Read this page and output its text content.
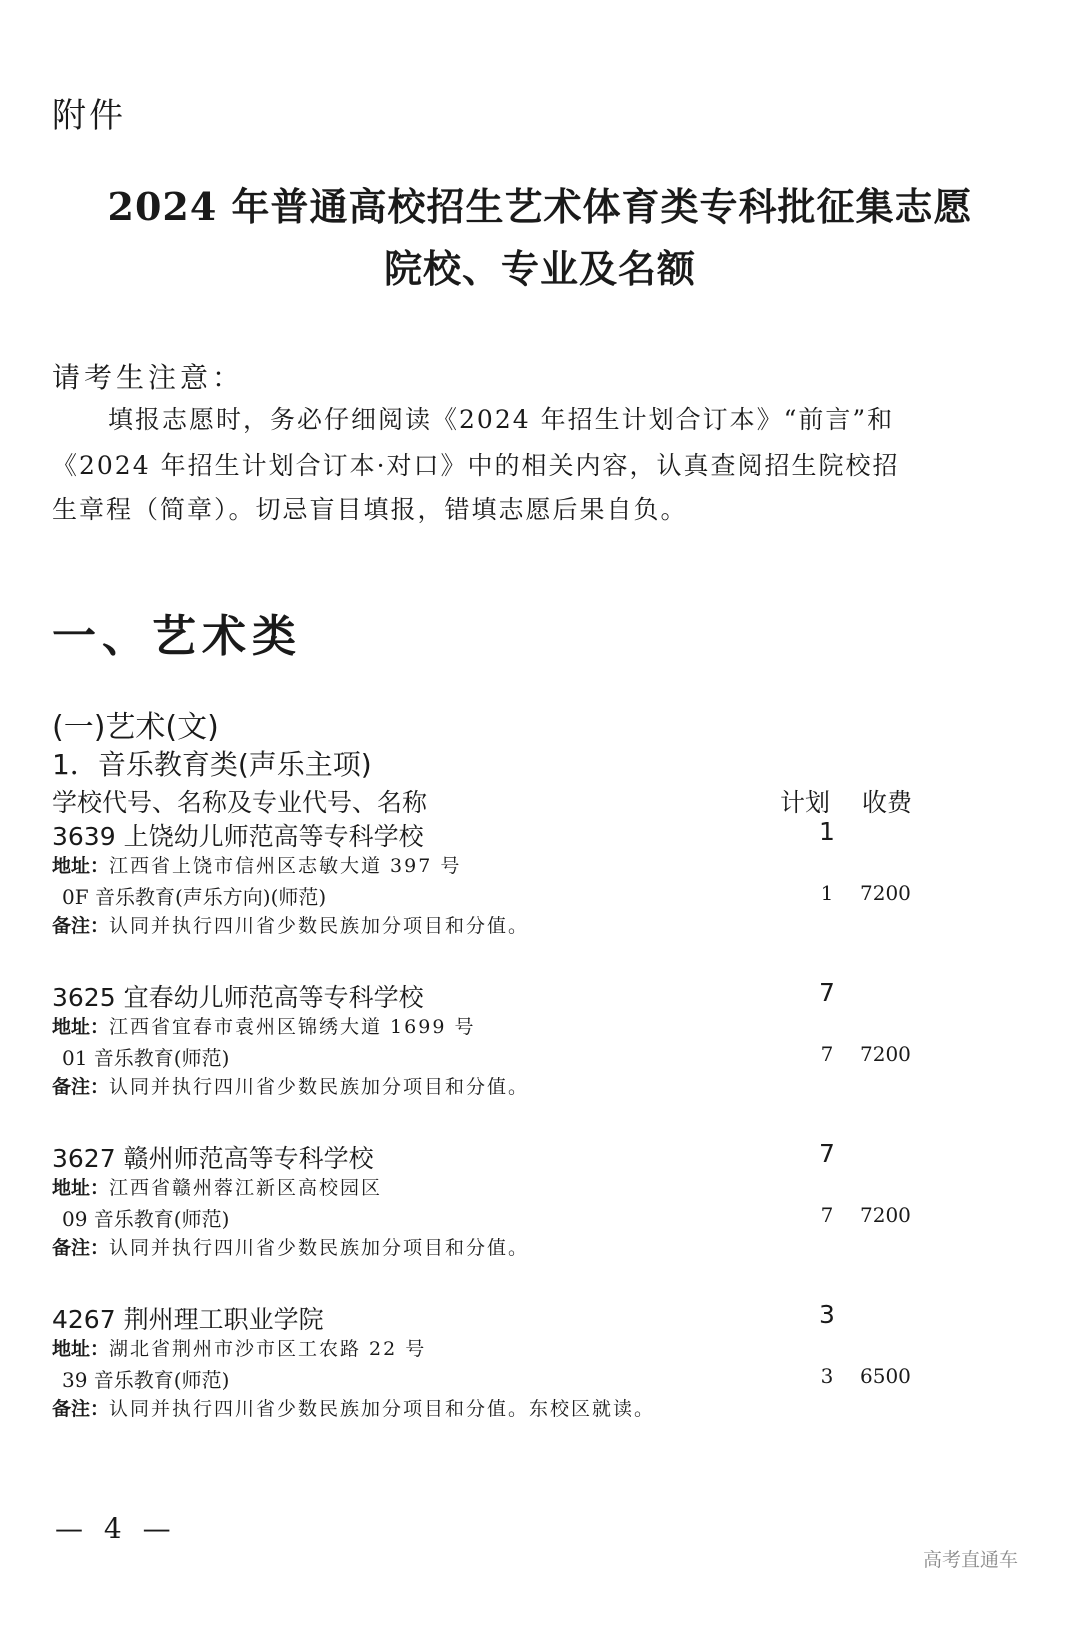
附件
2024 年普通高校招生艺术体育类专科批征集志愿
院校、专业及名额
请考生注意：
填报志愿时，务必仔细阅读《2024 年招生计划合订本》“前言”和
《2024 年招生计划合订本·对口》中的相关内容，认真查阅招生院校招
生章程（简章）。切忌盲目填报，错填志愿后果自负。
一、艺术类
(一)艺术(文)
1．音乐教育类(声乐主项)
学校代号、名称及专业代号、名称	计划 收费
3639 上饶幼儿师范高等专科学校	1
地址：江西省上饶市信州区志敏大道 397 号
0F 音乐教育(声乐方向)(师范)	1 7200
备注：认同并执行四川省少数民族加分项目和分值。
3625 宜春幼儿师范高等专科学校	7
地址：江西省宜春市袁州区锦绣大道 1699 号
01 音乐教育(师范)	7 7200
备注：认同并执行四川省少数民族加分项目和分值。
3627 赣州师范高等专科学校	7
地址：江西省赣州蓉江新区高校园区
09 音乐教育(师范)	7 7200
备注：认同并执行四川省少数民族加分项目和分值。
4267 荆州理工职业学院	3
地址：湖北省荆州市沙市区工农路 22 号
39 音乐教育(师范)	3 6500
备注：认同并执行四川省少数民族加分项目和分值。东校区就读。
— 4 —
高考直通车
